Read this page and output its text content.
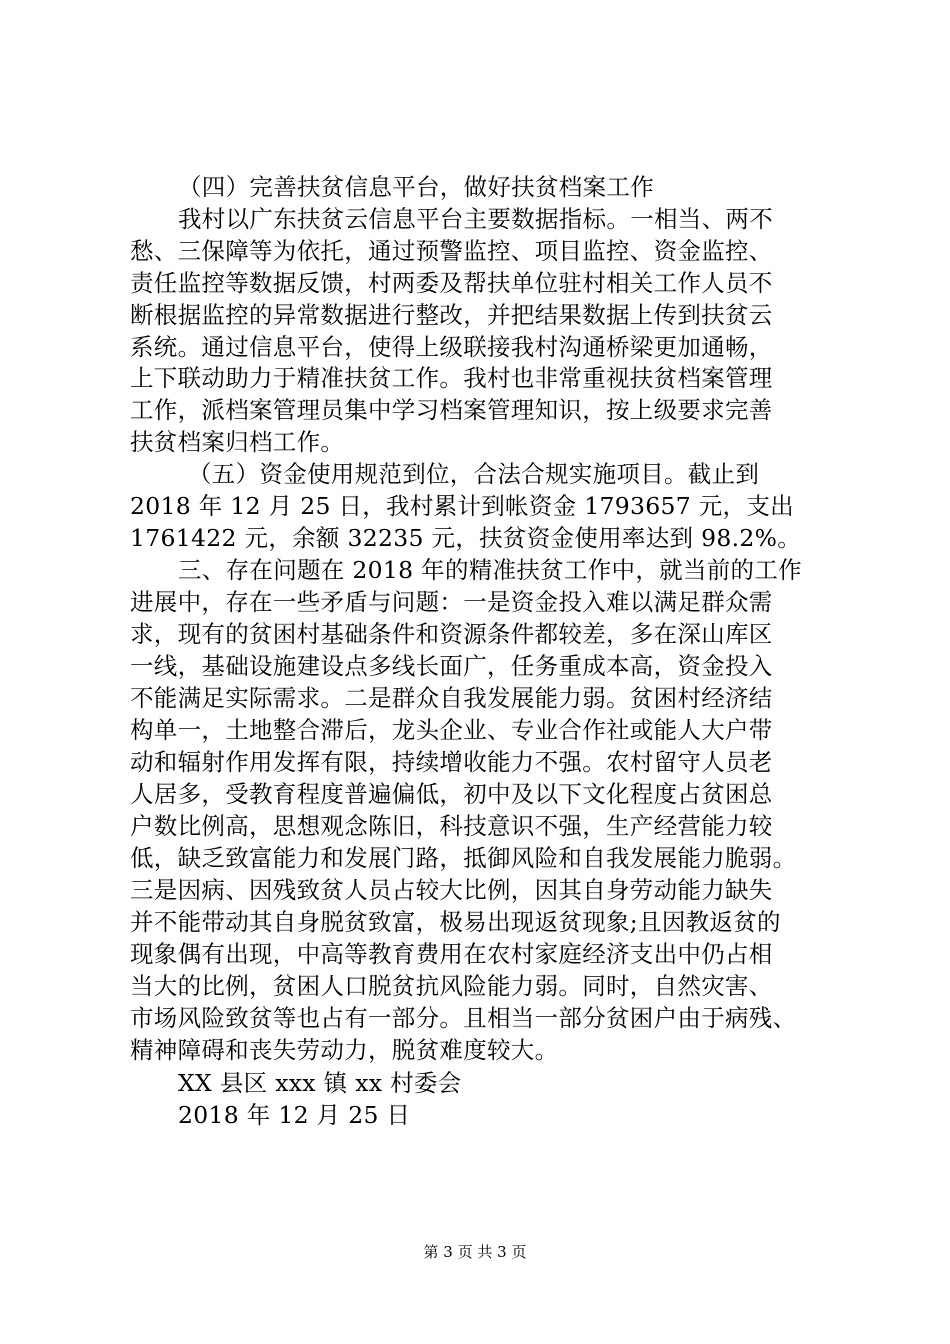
（四）完善扶贫信息平台，做好扶贫档案工作
我村以广东扶贫云信息平台主要数据指标。一相当、两不
愁、三保障等为依托，通过预警监控、项目监控、资金监控、
责任监控等数据反馈，村两委及帮扶单位驻村相关工作人员不
断根据监控的异常数据进行整改，并把结果数据上传到扶贫云
系统。通过信息平台，使得上级联接我村沟通桥梁更加通畅，
上下联动助力于精准扶贫工作。我村也非常重视扶贫档案管理
工作，派档案管理员集中学习档案管理知识，按上级要求完善
扶贫档案归档工作。
（五）资金使用规范到位，合法合规实施项目。截止到
2018 年 12 月 25 日，我村累计到帐资金 1793657 元，支出
1761422 元，余额 32235 元，扶贫资金使用率达到 98.2%。
三、存在问题在 2018 年的精准扶贫工作中，就当前的工作
进展中，存在一些矛盾与问题：一是资金投入难以满足群众需
求，现有的贫困村基础条件和资源条件都较差，多在深山库区
一线，基础设施建设点多线长面广，任务重成本高，资金投入
不能满足实际需求。二是群众自我发展能力弱。贫困村经济结
构单一，土地整合滞后，龙头企业、专业合作社或能人大户带
动和辐射作用发挥有限，持续增收能力不强。农村留守人员老
人居多，受教育程度普遍偏低，初中及以下文化程度占贫困总
户数比例高，思想观念陈旧，科技意识不强，生产经营能力较
低，缺乏致富能力和发展门路，抵御风险和自我发展能力脆弱。
三是因病、因残致贫人员占较大比例，因其自身劳动能力缺失
并不能带动其自身脱贫致富，极易出现返贫现象;且因教返贫的
现象偶有出现，中高等教育费用在农村家庭经济支出中仍占相
当大的比例，贫困人口脱贫抗风险能力弱。同时，自然灾害、
市场风险致贫等也占有一部分。且相当一部分贫困户由于病残、
精神障碍和丧失劳动力，脱贫难度较大。
XX 县区 xxx 镇 xx 村委会
2018 年 12 月 25 日
第 3 页 共 3 页
